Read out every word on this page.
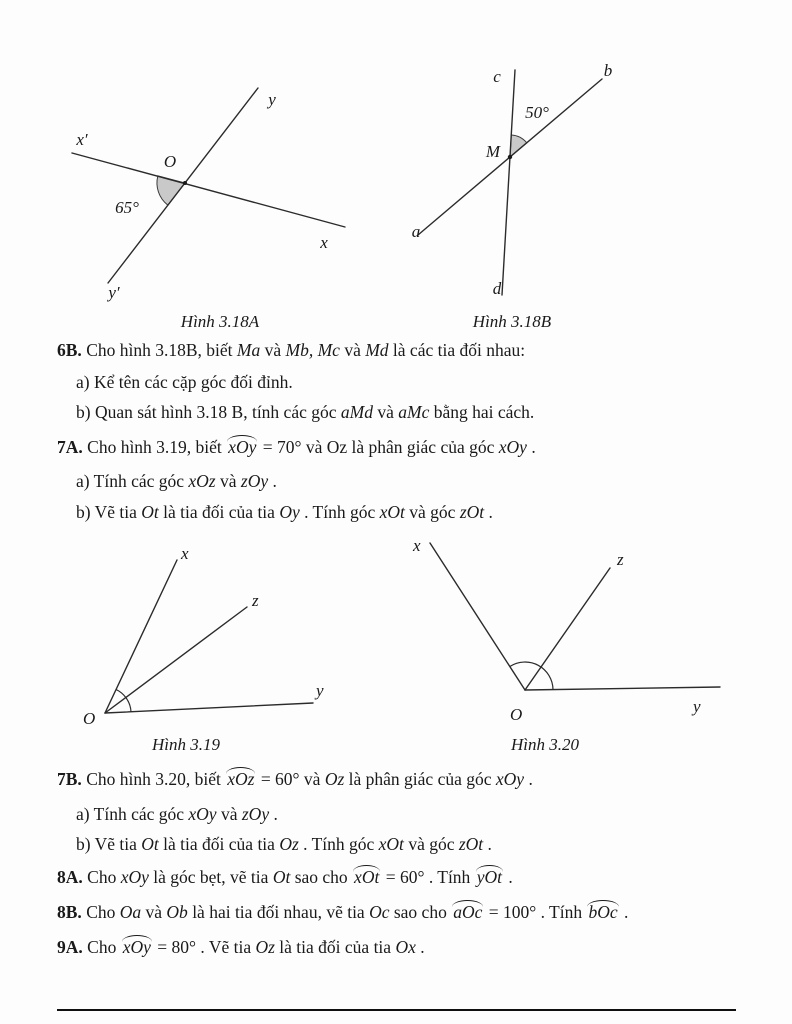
x′
y
O
65°
x
y′
c	b
50°
M
a
d
Hình 3.18A	Hình 3.18B
6B. Cho hình 3.18B, biết Ma và Mb, Mc và Md là các tia đối nhau:
a) Kể tên các cặp góc đối đỉnh.
b) Quan sát hình 3.18 B, tính các góc aMd và aMc bằng hai cách.
7A. Cho hình 3.19, biết xOy = 70° và Oz là phân giác của góc xOy .
a) Tính các góc xOz và zOy .
b) Vẽ tia Ot là tia đối của tia Oy . Tính góc xOt và góc zOt .
x
z
y
O
x
z
y
O
Hình 3.19	Hình 3.20
7B. Cho hình 3.20, biết xOz = 60° và Oz là phân giác của góc xOy .
a) Tính các góc xOy và zOy .
b) Vẽ tia Ot là tia đối của tia Oz . Tính góc xOt và góc zOt .
8A. Cho xOy là góc bẹt, vẽ tia Ot sao cho xOt = 60° . Tính yOt .
8B. Cho Oa và Ob là hai tia đối nhau, vẽ tia Oc sao cho aOc = 100° . Tính bOc .
9A. Cho xOy = 80° . Vẽ tia Oz là tia đối của tia Ox .
